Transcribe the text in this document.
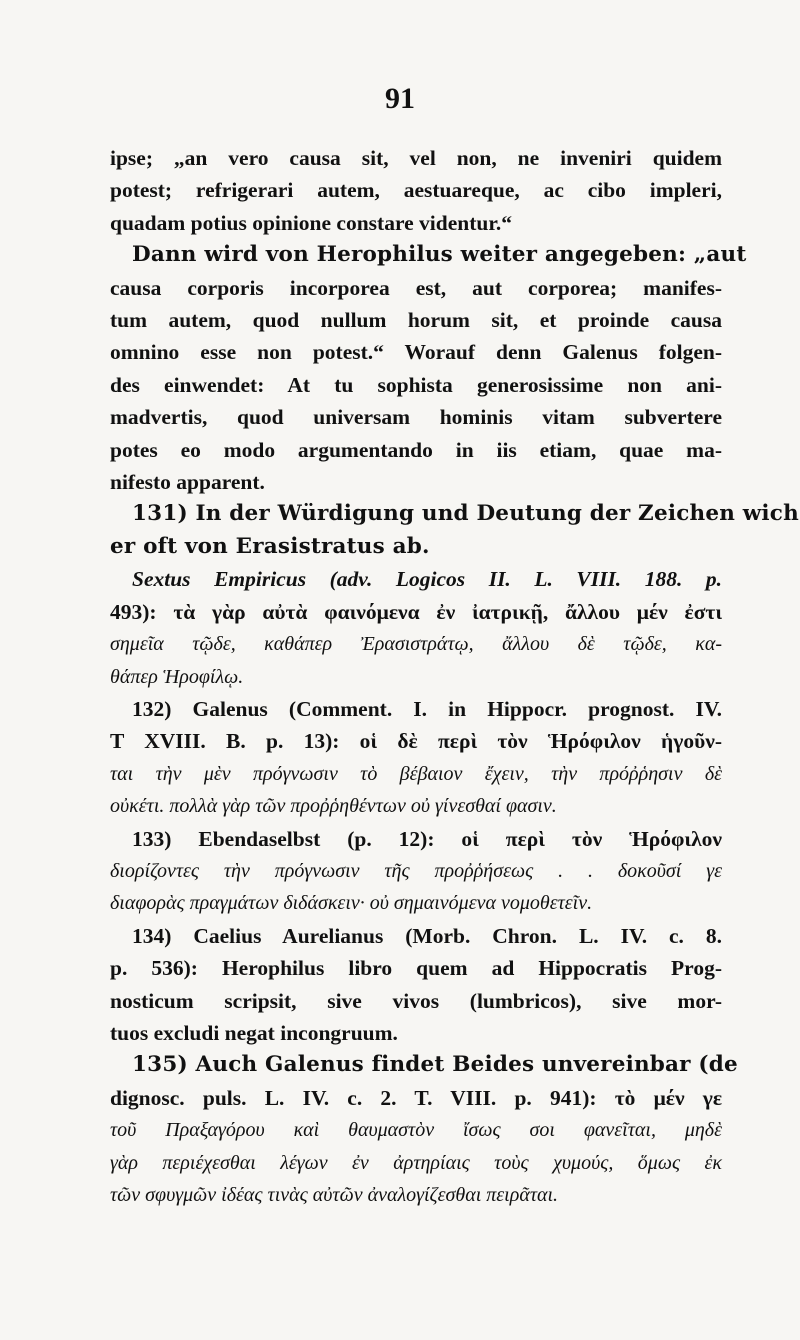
91
ipse; „an vero causa sit, vel non, ne inveniri quidem
potest; refrigerari autem, aestuareque, ac cibo impleri,
quadam potius opinione constare videntur.“
Dann wird von Herophilus weiter angegeben: „aut
causa corporis incorporea est, aut corporea; manifes-
tum autem, quod nullum horum sit, et proinde causa
omnino esse non potest.“ Worauf denn Galenus folgen-
des einwendet: At tu sophista generosissime non ani-
madvertis, quod universam hominis vitam subvertere
potes eo modo argumentando in iis etiam, quae ma-
nifesto apparent.
131) In der Würdigung und Deutung der Zeichen wich
er oft von Erasistratus ab.
Sextus Empiricus (adv. Logicos II. L. VIII. 188. p.
493): τὰ γὰρ αὐτὰ φαινόμενα ἐν ἰατρικῇ, ἄλλου μέν ἐστι
σημεῖα τῷδε, καθάπερ Ἐρασιστράτῳ, ἄλλου δὲ τῷδε, κα-
θάπερ Ἡροφίλῳ.
132) Galenus (Comment. I. in Hippocr. prognost. IV.
T XVIII. B. p. 13): οἱ δὲ περὶ τὸν Ἡρόφιλον ἡγοῦν-
ται τὴν μὲν πρόγνωσιν τὸ βέβαιον ἔχειν, τὴν πρόῤῥησιν δὲ
οὐκέτι. πολλὰ γὰρ τῶν προῤῥηθέντων οὐ γίνεσθαί φασιν.
133) Ebendaselbst (p. 12): οἱ περὶ τὸν Ἡρόφιλον
διορίζοντες τὴν πρόγνωσιν τῆς προῤῥήσεως . . δοκοῦσί γε
διαφορὰς πραγμάτων διδάσκειν· οὐ σημαινόμενα νομοθετεῖν.
134) Caelius Aurelianus (Morb. Chron. L. IV. c. 8.
p. 536): Herophilus libro quem ad Hippocratis Prog-
nosticum scripsit, sive vivos (lumbricos), sive mor-
tuos excludi negat incongruum.
135) Auch Galenus findet Beides unvereinbar (de
dignosc. puls. L. IV. c. 2. T. VIII. p. 941): τὸ μέν γε
τοῦ Πραξαγόρου καὶ θαυμαστὸν ἴσως σοι φανεῖται, μηδὲ
γὰρ περιέχεσθαι λέγων ἐν ἀρτηρίαις τοὺς χυμούς, ὅμως ἐκ
τῶν σφυγμῶν ἰδέας τινὰς αὐτῶν ἀναλογίζεσθαι πειρᾶται.
